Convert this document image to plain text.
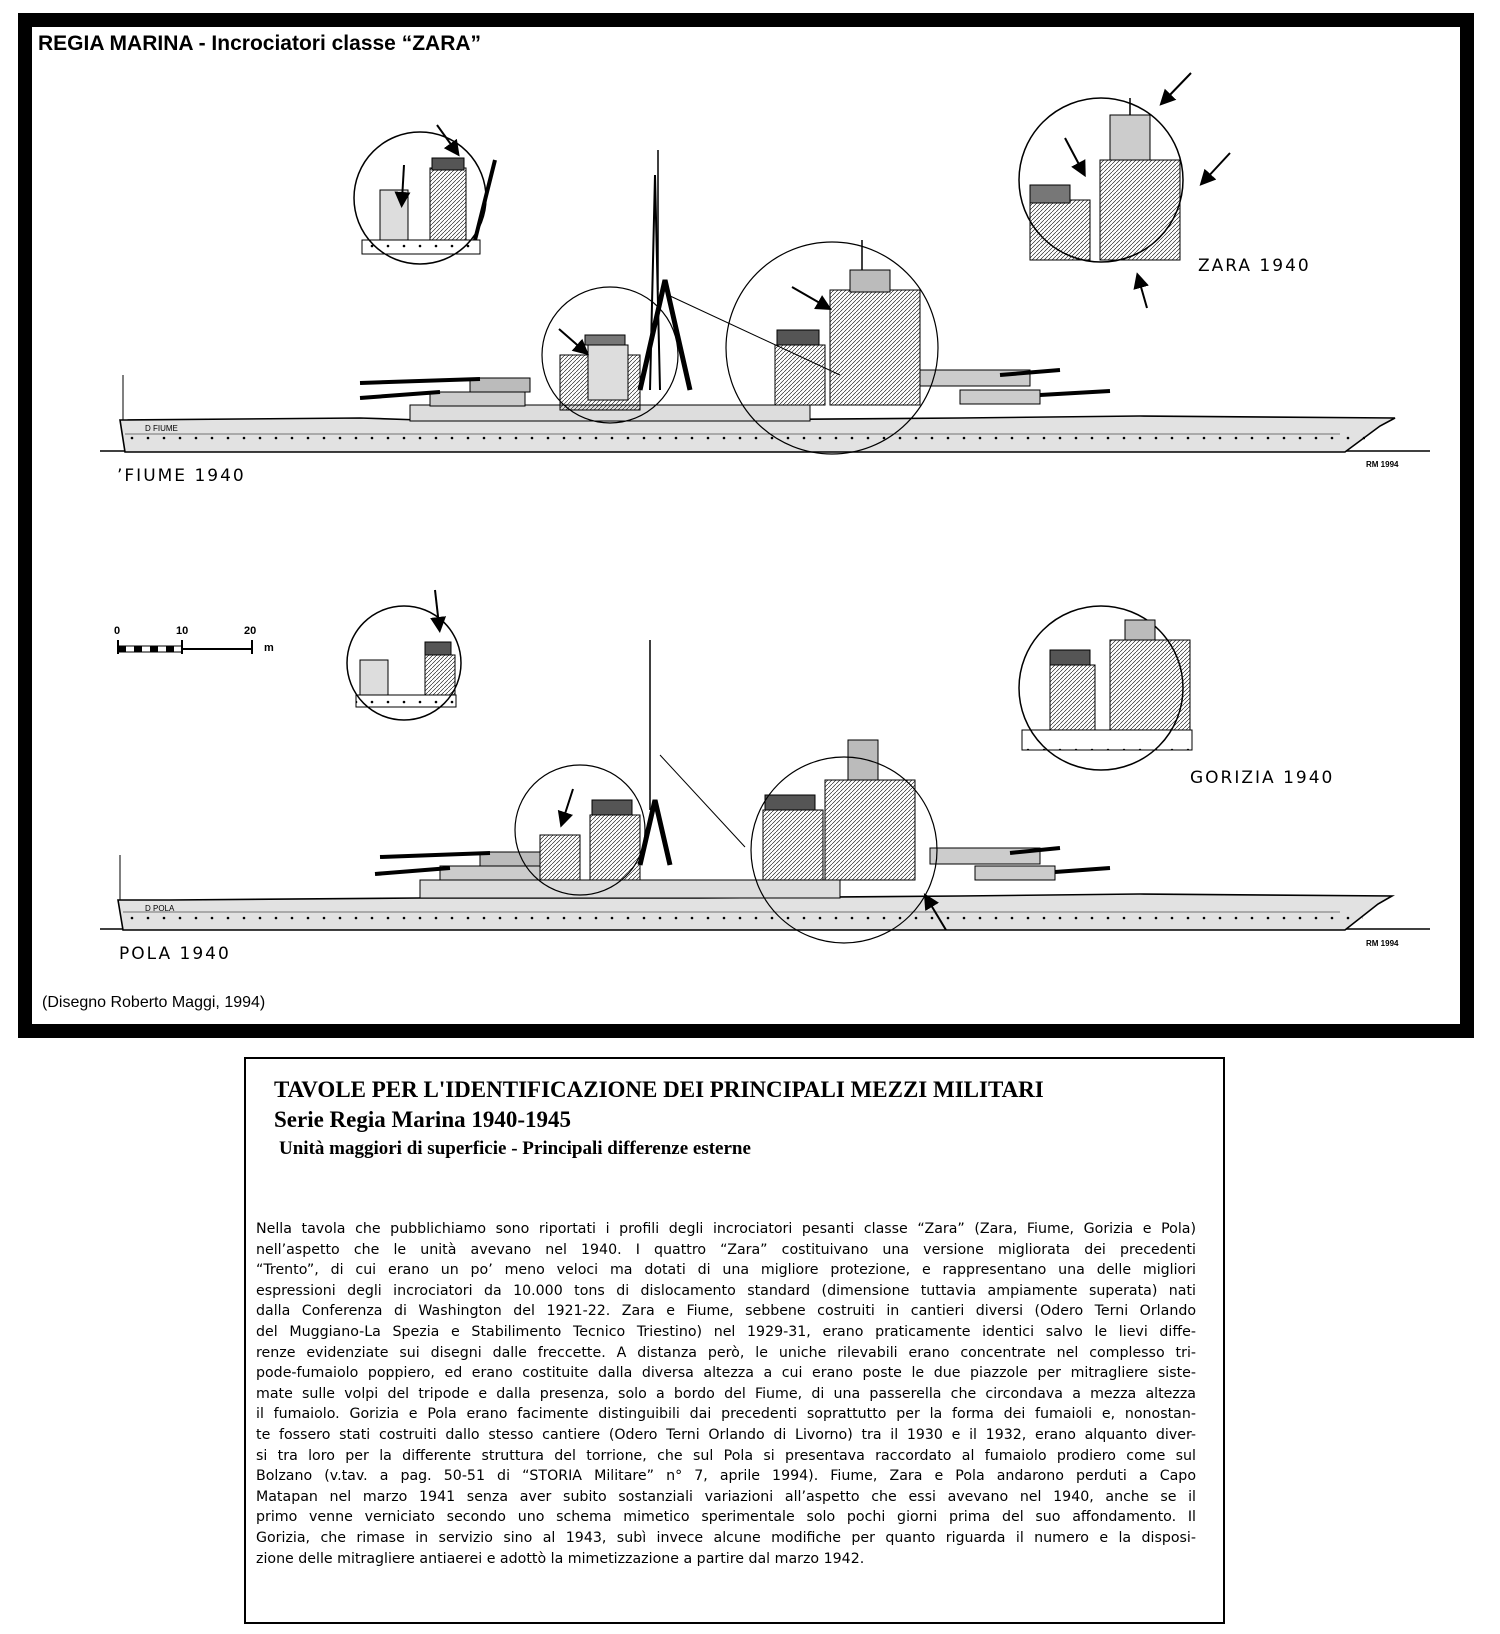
REGIA MARINA - Incrociatori classe “ZARA”
’FIUME 1940
POLA 1940
ZARA 1940
GORIZIA 1940
D FIUME
D POLA
RM 1994
RM 1994
0	10	20
m
(Disegno Roberto Maggi, 1994)
TAVOLE PER L'IDENTIFICAZIONE DEI PRINCIPALI MEZZI MILITARI
Serie Regia Marina 1940-1945
Unità maggiori di superficie - Principali differenze esterne
Nella tavola che pubblichiamo sono riportati i profili degli incrociatori pesanti classe “Zara” (Zara, Fiume, Gorizia e Pola)
nell’aspetto che le unità avevano nel 1940. I quattro “Zara” costituivano una versione migliorata dei precedenti
“Trento”, di cui erano un po’ meno veloci ma dotati di una migliore protezione, e rappresentano una delle migliori
espressioni degli incrociatori da 10.000 tons di dislocamento standard (dimensione tuttavia ampiamente superata) nati
dalla Conferenza di Washington del 1921-22. Zara e Fiume, sebbene costruiti in cantieri diversi (Odero Terni Orlando
del Muggiano-La Spezia e Stabilimento Tecnico Triestino) nel 1929-31, erano praticamente identici salvo le lievi diffe-
renze evidenziate sui disegni dalle freccette. A distanza però, le uniche rilevabili erano concentrate nel complesso tri-
pode-fumaiolo poppiero, ed erano costituite dalla diversa altezza a cui erano poste le due piazzole per mitragliere siste-
mate sulle volpi del tripode e dalla presenza, solo a bordo del Fiume, di una passerella che circondava a mezza altezza
il fumaiolo. Gorizia e Pola erano facimente distinguibili dai precedenti soprattutto per la forma dei fumaioli e, nonostan-
te fossero stati costruiti dallo stesso cantiere (Odero Terni Orlando di Livorno) tra il 1930 e il 1932, erano alquanto diver-
si tra loro per la differente struttura del torrione, che sul Pola si presentava raccordato al fumaiolo prodiero come sul
Bolzano (v.tav. a pag. 50-51 di “STORIA Militare” n° 7, aprile 1994). Fiume, Zara e Pola andarono perduti a Capo
Matapan nel marzo 1941 senza aver subito sostanziali variazioni all’aspetto che essi avevano nel 1940, anche se il
primo venne verniciato secondo uno schema mimetico sperimentale solo pochi giorni prima del suo affondamento. Il
Gorizia, che rimase in servizio sino al 1943, subì invece alcune modifiche per quanto riguarda il numero e la disposi-
zione delle mitragliere antiaerei e adottò la mimetizzazione a partire dal marzo 1942.
